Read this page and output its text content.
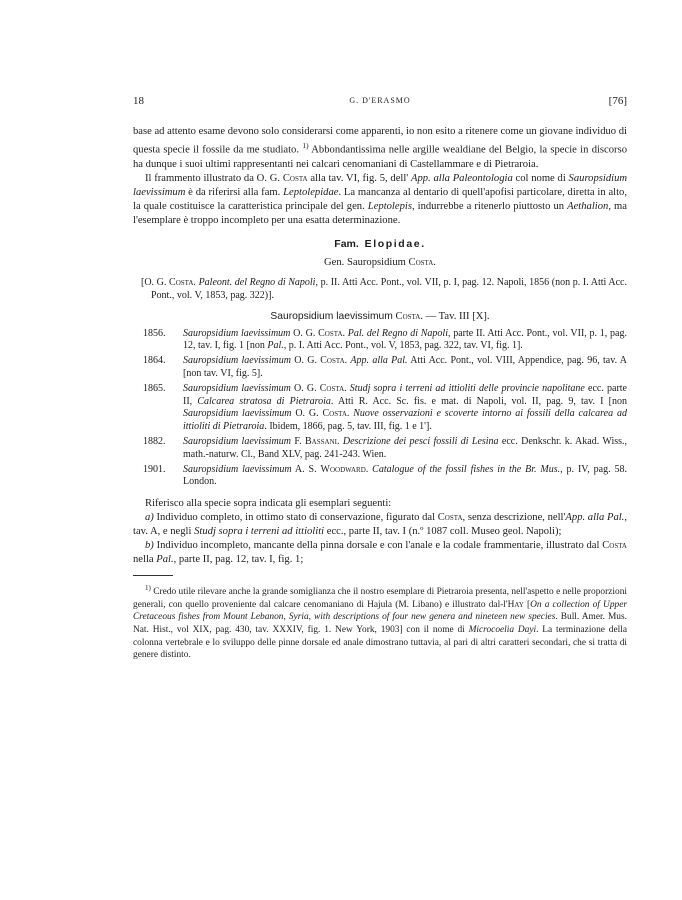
18	G. D'ERASMO	[76]

base ad attento esame devono solo considerarsi come apparenti, io non esito a ritenere come un giovane individuo di questa specie il fossile da me studiato. $^{1)}$ Abbondantissima nelle argille wealdiane del Belgio, la specie in discorso ha dunque i suoi ultimi rappresentanti nei calcari cenomaniani di Castellammare e di Pietraroia.

Il frammento illustrato da O. G. Costa alla tav. VI, fig. 5, dell' App. alla Paleontologia col nome di Sauropsidium laevissimum è da riferirsi alla fam. Leptolepidae. La mancanza al dentario di quell'apofisi particolare, diretta in alto, la quale costituisce la caratteristica principale del gen. Leptolepis, indurrebbe a ritenerlo piuttosto un Aethalion, ma l'esemplare è troppo incompleto per una esatta determinazione.

Fam. Elopidae.

Gen. Sauropsidium Costa.

[O. G. Costa. Paleont. del Regno di Napoli, p. II. Atti Acc. Pont., vol. VII, p. I, pag. 12. Napoli, 1856 (non p. I. Atti Acc. Pont., vol. V, 1853, pag. 322)].

Sauropsidium laevissimum Costa. — Tav. III [X].

1856.	Sauropsidium laevissimum O. G. Costa. Pal. del Regno di Napoli, parte II. Atti Acc. Pont., vol. VII, p. 1, pag. 12, tav. I, fig. 1 [non Pal., p. I. Atti Acc. Pont., vol. V, 1853, pag. 322, tav. VI, fig. 1].
1864.	Sauropsidium laevissimum O. G. Costa. App. alla Pal. Atti Acc. Pont., vol. VIII, Appendice, pag. 96, tav. A [non tav. VI, fig. 5].
1865.	Sauropsidium laevissimum O. G. Costa. Studj sopra i terreni ad ittioliti delle provincie napolitane ecc. parte II, Calcarea stratosa di Pietraroia. Atti R. Acc. Sc. fis. e mat. di Napoli, vol. II, pag. 9, tav. I [non Sauropsidium laevissimum O. G. Costa. Nuove osservazioni e scoverte intorno ai fossili della calcarea ad ittioliti di Pietraroia. Ibidem, 1866, pag. 5, tav. III, fig. 1 e 1'].
1882.	Sauropsidium laevissimum F. Bassani. Descrizione dei pesci fossili di Lesina ecc. Denkschr. k. Akad. Wiss., math.-naturw. Cl., Band XLV, pag. 241-243. Wien.
1901.	Sauropsidium laevissimum A. S. Woodward. Catalogue of the fossil fishes in the Br. Mus., p. IV, pag. 58. London.

Riferisco alla specie sopra indicata gli esemplari seguenti:

a) Individuo completo, in ottimo stato di conservazione, figurato dal Costa, senza descrizione, nell'App. alla Pal., tav. A, e negli Studj sopra i terreni ad ittioliti ecc., parte II, tav. I (n.º 1087 coll. Museo geol. Napoli);

b) Individuo incompleto, mancante della pinna dorsale e con l'anale e la codale frammentarie, illustrato dal Costa nella Pal., parte II, pag. 12, tav. I, fig. 1;

$^{1)}$ Credo utile rilevare anche la grande somiglianza che il nostro esemplare di Pietraroia presenta, nell'aspetto e nelle proporzioni generali, con quello proveniente dal calcare cenomaniano di Hajula (M. Libano) e illustrato dal-l'Hay [On a collection of Upper Cretaceous fishes from Mount Lebanon, Syria, with descriptions of four new genera and nineteen new species. Bull. Amer. Mus. Nat. Hist., vol XIX, pag. 430, tav. XXXIV, fig. 1. New York, 1903] con il nome di Microcoelia Dayi. La terminazione della colonna vertebrale e lo sviluppo delle pinne dorsale ed anale dimostrano tuttavia, al pari di altri caratteri secondari, che si tratta di genere distinto.
